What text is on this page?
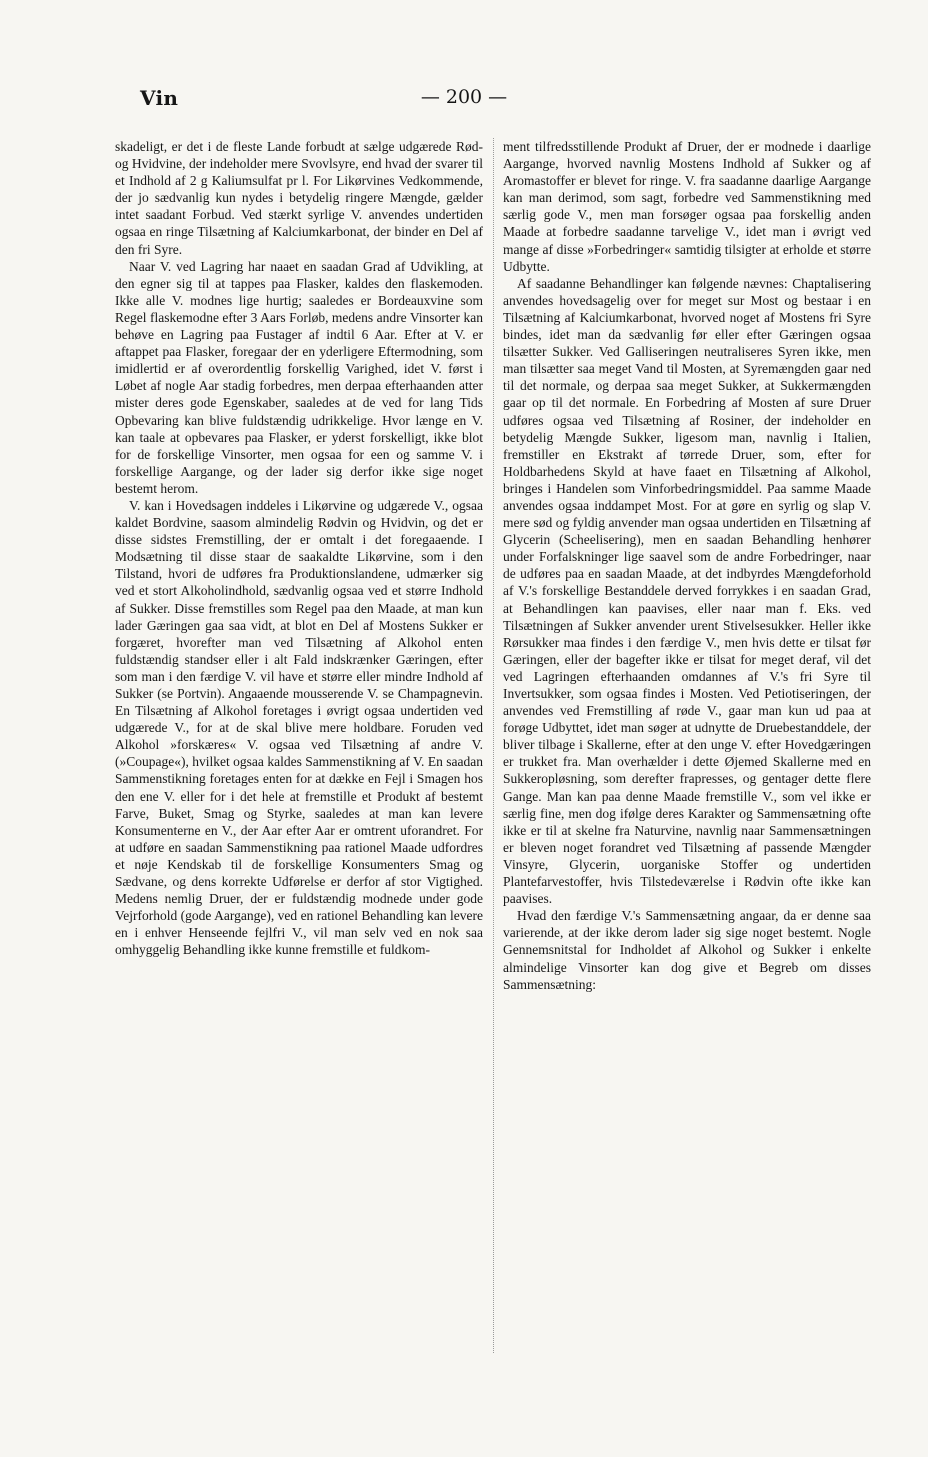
Vin	— 200 —

skadeligt, er det i de fleste Lande forbudt at sælge udgærede Rød- og Hvidvine, der indeholder mere Svovlsyre, end hvad der svarer til et Indhold af 2 g Kaliumsulfat pr l. For Likørvines Vedkommende, der jo sædvanlig kun nydes i betydelig ringere Mængde, gælder intet saadant Forbud. Ved stærkt syrlige V. anvendes undertiden ogsaa en ringe Tilsætning af Kalciumkarbonat, der binder en Del af den fri Syre.

Naar V. ved Lagring har naaet en saadan Grad af Udvikling, at den egner sig til at tappes paa Flasker, kaldes den flaskemoden. Ikke alle V. modnes lige hurtig; saaledes er Bordeauxvine som Regel flaskemodne efter 3 Aars Forløb, medens andre Vinsorter kan behøve en Lagring paa Fustager af indtil 6 Aar. Efter at V. er aftappet paa Flasker, foregaar der en yderligere Eftermodning, som imidlertid er af overordentlig forskellig Varighed, idet V. først i Løbet af nogle Aar stadig forbedres, men derpaa efterhaanden atter mister deres gode Egenskaber, saaledes at de ved for lang Tids Opbevaring kan blive fuldstændig udrikkelige. Hvor længe en V. kan taale at opbevares paa Flasker, er yderst forskelligt, ikke blot for de forskellige Vinsorter, men ogsaa for een og samme V. i forskellige Aargange, og der lader sig derfor ikke sige noget bestemt herom.

V. kan i Hovedsagen inddeles i Likørvine og udgærede V., ogsaa kaldet Bordvine, saasom almindelig Rødvin og Hvidvin, og det er disse sidstes Fremstilling, der er omtalt i det foregaaende. I Modsætning til disse staar de saakaldte Likørvine, som i den Tilstand, hvori de udføres fra Produktionslandene, udmærker sig ved et stort Alkoholindhold, sædvanlig ogsaa ved et større Indhold af Sukker. Disse fremstilles som Regel paa den Maade, at man kun lader Gæringen gaa saa vidt, at blot en Del af Mostens Sukker er forgæret, hvorefter man ved Tilsætning af Alkohol enten fuldstændig standser eller i alt Fald indskrænker Gæringen, efter som man i den færdige V. vil have et større eller mindre Indhold af Sukker (se Portvin). Angaaende mousserende V. se Champagnevin. En Tilsætning af Alkohol foretages i øvrigt ogsaa undertiden ved udgærede V., for at de skal blive mere holdbare. Foruden ved Alkohol »forskæres« V. ogsaa ved Tilsætning af andre V. (»Coupage«), hvilket ogsaa kaldes Sammenstikning af V. En saadan Sammenstikning foretages enten for at dække en Fejl i Smagen hos den ene V. eller for i det hele at fremstille et Produkt af bestemt Farve, Buket, Smag og Styrke, saaledes at man kan levere Konsumenterne en V., der Aar efter Aar er omtrent uforandret. For at udføre en saadan Sammenstikning paa rationel Maade udfordres et nøje Kendskab til de forskellige Konsumenters Smag og Sædvane, og dens korrekte Udførelse er derfor af stor Vigtighed. Medens nemlig Druer, der er fuldstændig modnede under gode Vejrforhold (gode Aargange), ved en rationel Behandling kan levere en i enhver Henseende fejlfri V., vil man selv ved en nok saa omhyggelig Behandling ikke kunne fremstille et fuldkom-

ment tilfredsstillende Produkt af Druer, der er modnede i daarlige Aargange, hvorved navnlig Mostens Indhold af Sukker og af Aromastoffer er blevet for ringe. V. fra saadanne daarlige Aargange kan man derimod, som sagt, forbedre ved Sammenstikning med særlig gode V., men man forsøger ogsaa paa forskellig anden Maade at forbedre saadanne tarvelige V., idet man i øvrigt ved mange af disse »Forbedringer« samtidig tilsigter at erholde et større Udbytte.

Af saadanne Behandlinger kan følgende nævnes: Chaptalisering anvendes hovedsagelig over for meget sur Most og bestaar i en Tilsætning af Kalciumkarbonat, hvorved noget af Mostens fri Syre bindes, idet man da sædvanlig før eller efter Gæringen ogsaa tilsætter Sukker. Ved Galliseringen neutraliseres Syren ikke, men man tilsætter saa meget Vand til Mosten, at Syremængden gaar ned til det normale, og derpaa saa meget Sukker, at Sukkermængden gaar op til det normale. En Forbedring af Mosten af sure Druer udføres ogsaa ved Tilsætning af Rosiner, der indeholder en betydelig Mængde Sukker, ligesom man, navnlig i Italien, fremstiller en Ekstrakt af tørrede Druer, som, efter for Holdbarhedens Skyld at have faaet en Tilsætning af Alkohol, bringes i Handelen som Vinforbedringsmiddel. Paa samme Maade anvendes ogsaa inddampet Most. For at gøre en syrlig og slap V. mere sød og fyldig anvender man ogsaa undertiden en Tilsætning af Glycerin (Scheelisering), men en saadan Behandling henhører under Forfalskninger lige saavel som de andre Forbedringer, naar de udføres paa en saadan Maade, at det indbyrdes Mængdeforhold af V.'s forskellige Bestanddele derved forrykkes i en saadan Grad, at Behandlingen kan paavises, eller naar man f. Eks. ved Tilsætningen af Sukker anvender urent Stivelsesukker. Heller ikke Rørsukker maa findes i den færdige V., men hvis dette er tilsat før Gæringen, eller der bagefter ikke er tilsat for meget deraf, vil det ved Lagringen efterhaanden omdannes af V.'s fri Syre til Invertsukker, som ogsaa findes i Mosten. Ved Petiotiseringen, der anvendes ved Fremstilling af røde V., gaar man kun ud paa at forøge Udbyttet, idet man søger at udnytte de Druebestanddele, der bliver tilbage i Skallerne, efter at den unge V. efter Hovedgæringen er trukket fra. Man overhælder i dette Øjemed Skallerne med en Sukkeropløsning, som derefter frapresses, og gentager dette flere Gange. Man kan paa denne Maade fremstille V., som vel ikke er særlig fine, men dog ifølge deres Karakter og Sammensætning ofte ikke er til at skelne fra Naturvine, navnlig naar Sammensætningen er bleven noget forandret ved Tilsætning af passende Mængder Vinsyre, Glycerin, uorganiske Stoffer og undertiden Plantefarvestoffer, hvis Tilstedeværelse i Rødvin ofte ikke kan paavises.

Hvad den færdige V.'s Sammensætning angaar, da er denne saa varierende, at der ikke derom lader sig sige noget bestemt. Nogle Gennemsnitstal for Indholdet af Alkohol og Sukker i enkelte almindelige Vinsorter kan dog give et Begreb om disses Sammensætning:
